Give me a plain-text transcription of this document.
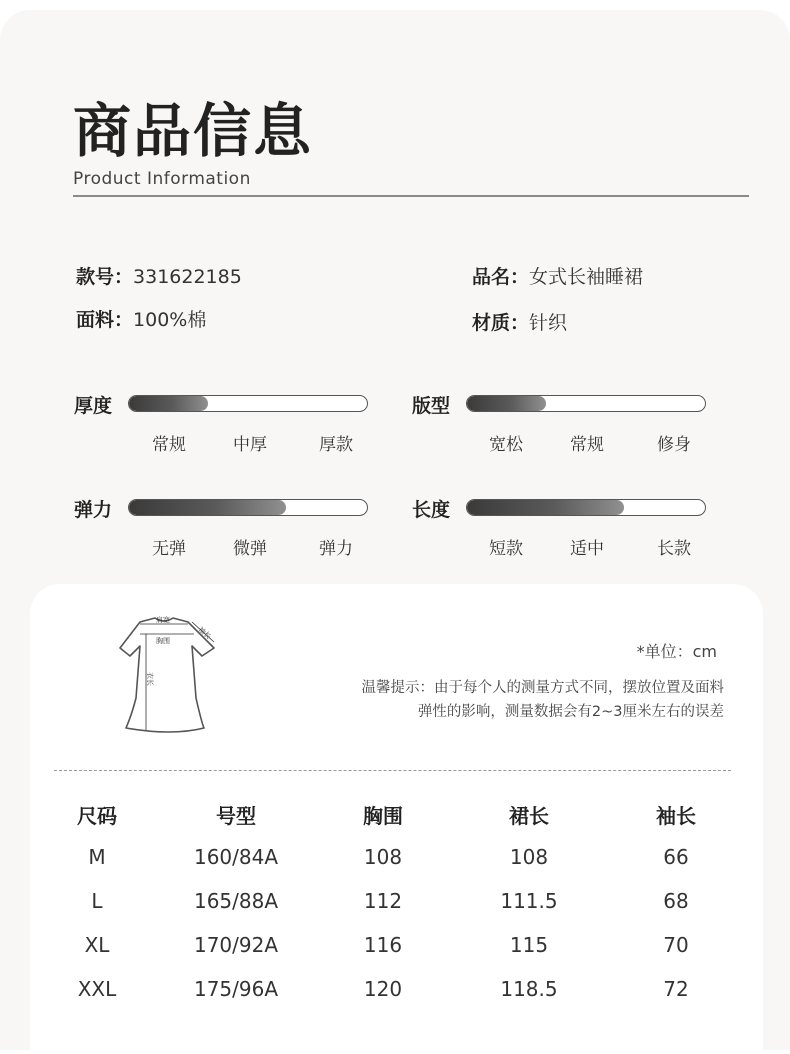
商品信息
Product Information
款号：331622185	品名：女式长袖睡裙
面料：100%棉	材质：针织
厚度
常规	中厚	厚款
版型
宽松	常规	修身
弹力
无弹	微弹	弹力
长度
短款	适中	长款
肩宽
胸围
袖长
衣长
*单位：cm
温馨提示：由于每个人的测量方式不同，摆放位置及面料
弹性的影响，测量数据会有2~3厘米左右的误差
尺码	号型	胸围	裙长	袖长
M	160/84A	108	108	66
L	165/88A	112	111.5	68
XL	170/92A	116	115	70
XXL	175/96A	120	118.5	72
